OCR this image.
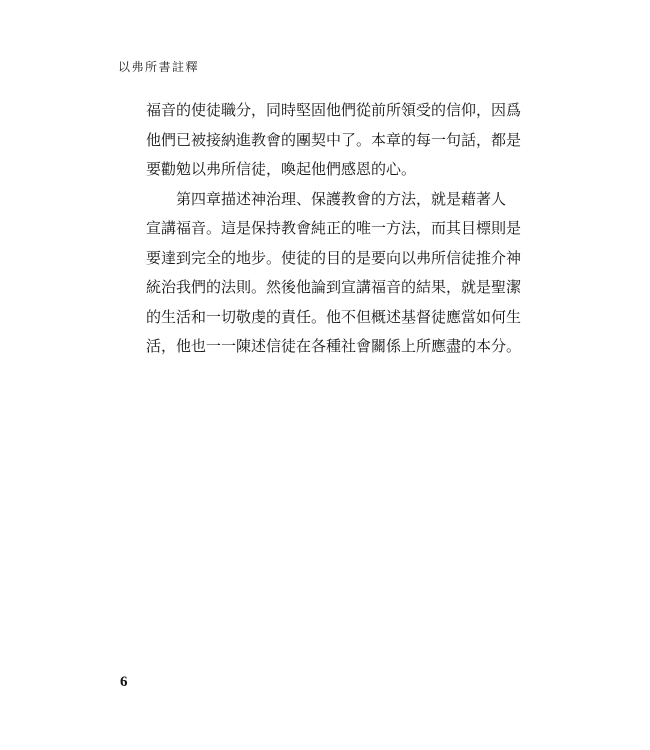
以弗所書註釋

福音的使徒職分，同時堅固他們從前所領受的信仰，因爲

他們已被接納進教會的團契中了。本章的每一句話，都是

要勸勉以弗所信徒，喚起他們感恩的心。

第四章描述神治理、保護教會的方法，就是藉著人

宣講福音。這是保持教會純正的唯一方法，而其目標則是

要達到完全的地步。使徒的目的是要向以弗所信徒推介神

統治我們的法則。然後他論到宣講福音的結果，就是聖潔

的生活和一切敬虔的責任。他不但概述基督徒應當如何生

活，他也一一陳述信徒在各種社會關係上所應盡的本分。

6
